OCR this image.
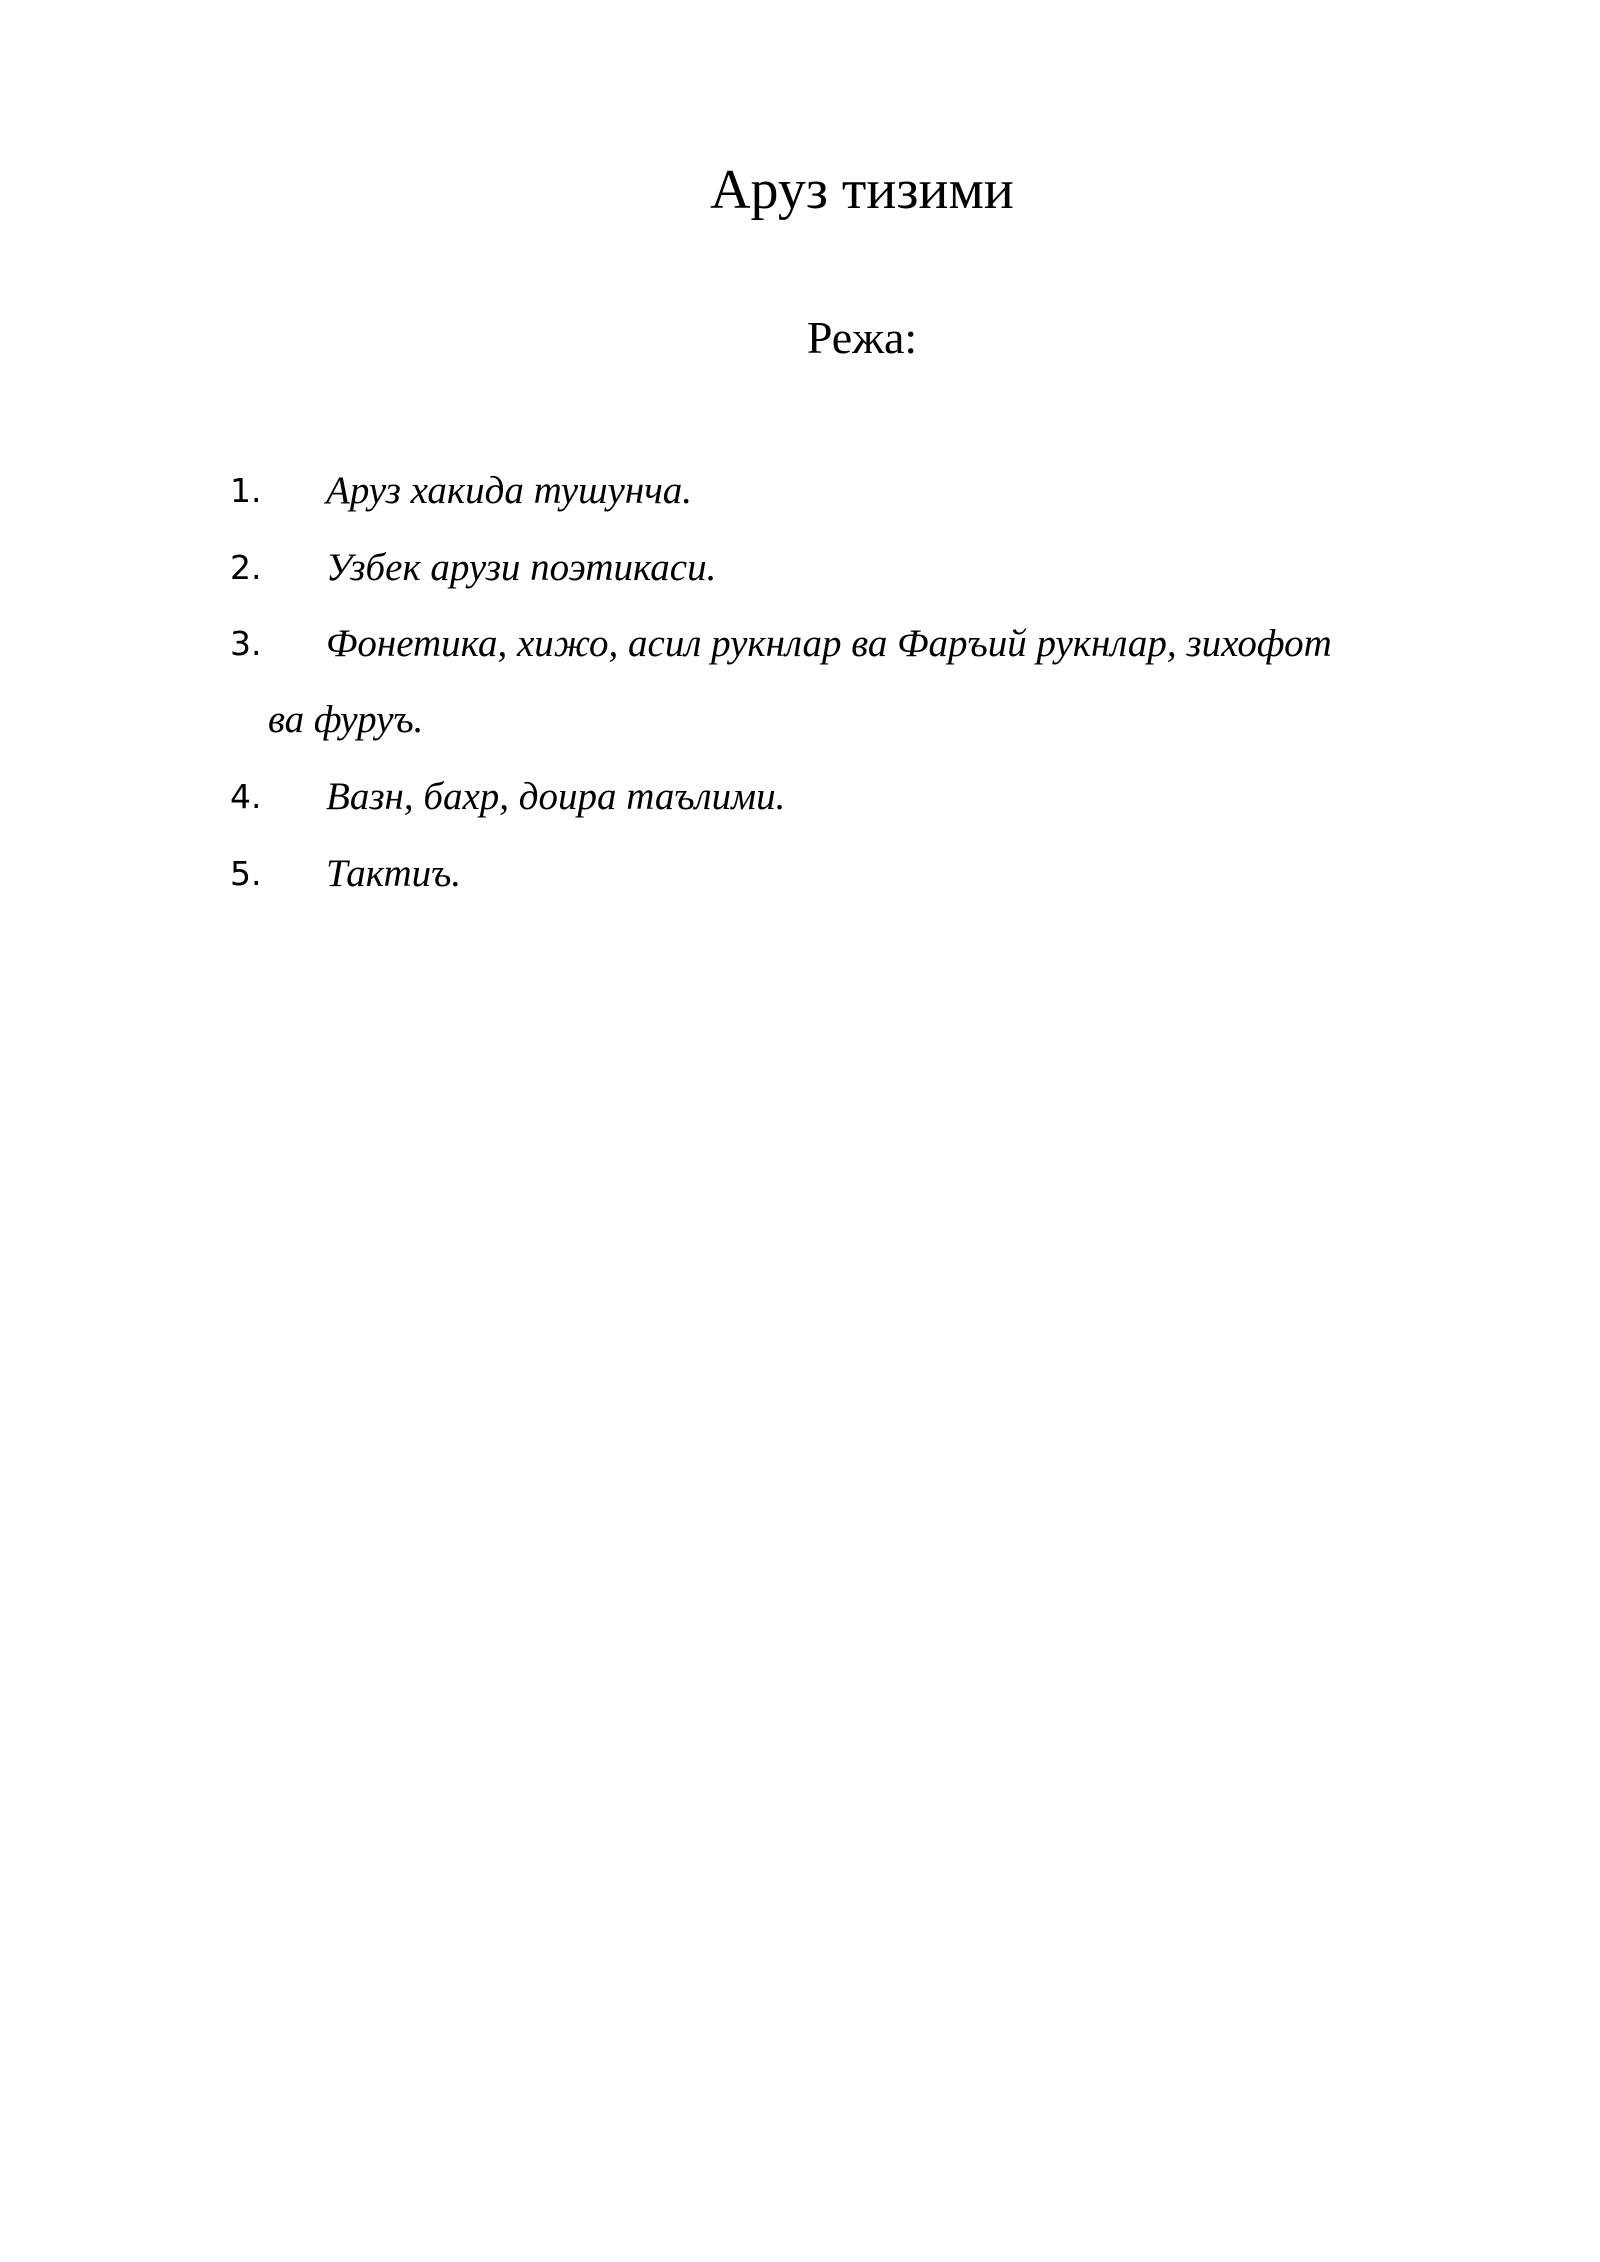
Аруз тизими
Режа:
1. Аруз хакида тушунча.
2. Узбек арузи поэтикаси.
3. Фонетика, хижо, асил рукнлар ва Фаръий рукнлар, зихофот
ва фуруъ.
4. Вазн, бахр, доира таълими.
5. Тактиъ.
